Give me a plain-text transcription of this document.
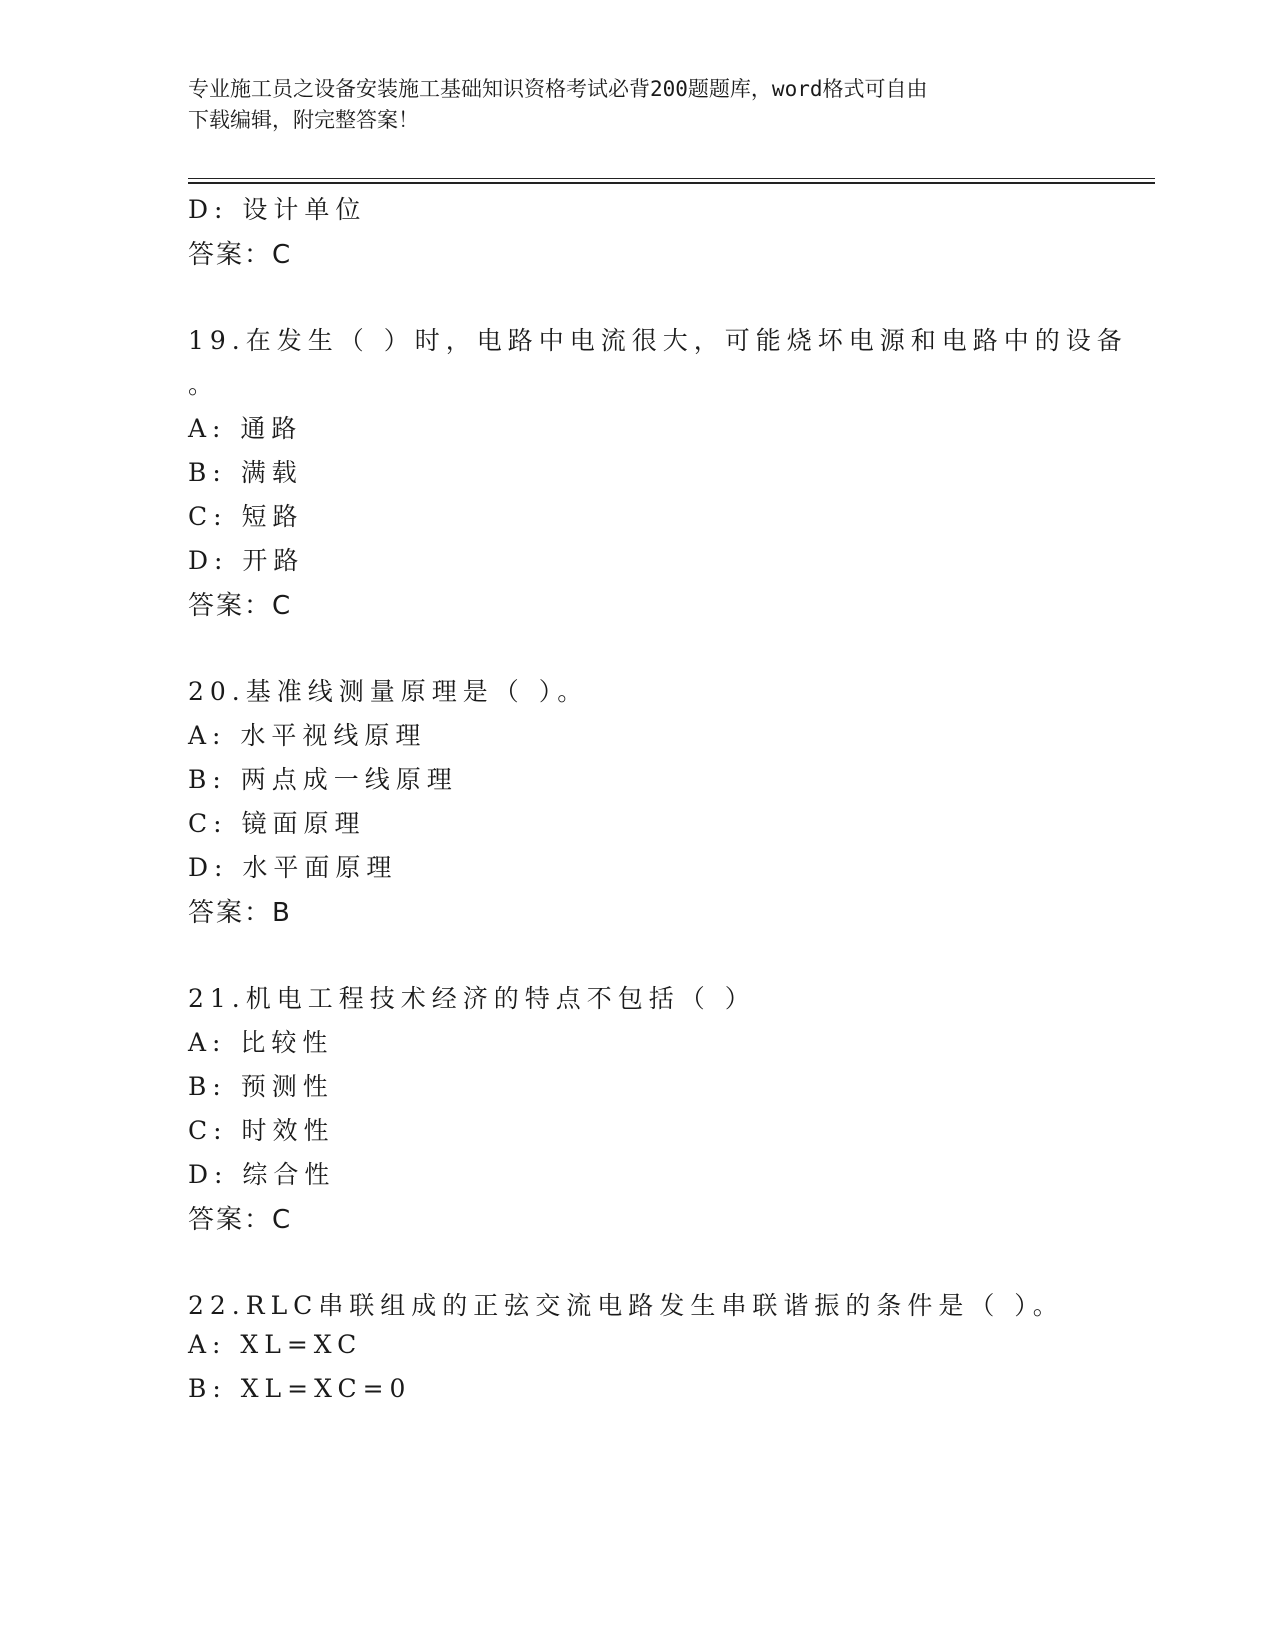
专业施工员之设备安装施工基础知识资格考试必背200题题库，word格式可自由
下载编辑，附完整答案！
D: 设计单位
答案：C
19.在发生（ ）时，电路中电流很大，可能烧坏电源和电路中的设备
。
A: 通路
B: 满载
C: 短路
D: 开路
答案：C
20.基准线测量原理是（ ）。
A: 水平视线原理
B: 两点成一线原理
C: 镜面原理
D: 水平面原理
答案：B
21.机电工程技术经济的特点不包括（ ）
A: 比较性
B: 预测性
C: 时效性
D: 综合性
答案：C
22.RLC串联组成的正弦交流电路发生串联谐振的条件是（ ）。
A: XL=XC
B: XL=XC=0
